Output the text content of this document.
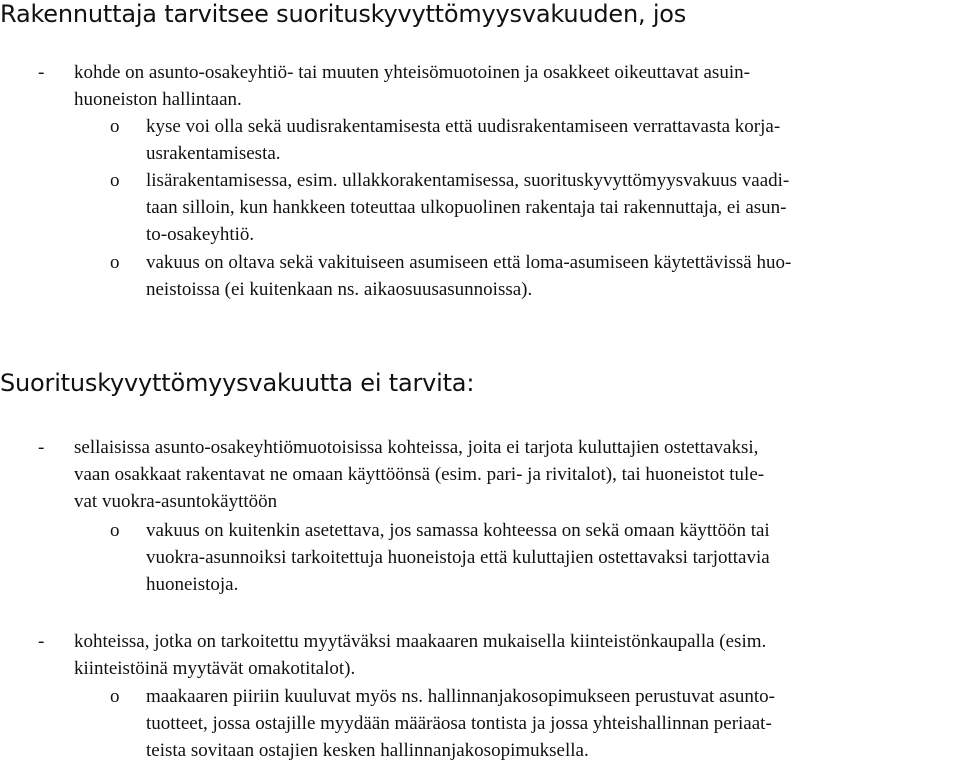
Rakennuttaja tarvitsee suorituskyvyttömyysvakuuden, jos
- kohde on asunto-osakeyhtiö- tai muuten yhteisömuotoinen ja osakkeet oikeuttavat asuin-
huoneiston hallintaan.
o kyse voi olla sekä uudisrakentamisesta että uudisrakentamiseen verrattavasta korja-
usrakentamisesta.
o lisärakentamisessa, esim. ullakkorakentamisessa, suorituskyvyttömyysvakuus vaadi-
taan silloin, kun hankkeen toteuttaa ulkopuolinen rakentaja tai rakennuttaja, ei asun-
to-osakeyhtiö.
o vakuus on oltava sekä vakituiseen asumiseen että loma-asumiseen käytettävissä huo-
neistoissa (ei kuitenkaan ns. aikaosuusasunnoissa).
Suorituskyvyttömyysvakuutta ei tarvita:
- sellaisissa asunto-osakeyhtiömuotoisissa kohteissa, joita ei tarjota kuluttajien ostettavaksi,
vaan osakkaat rakentavat ne omaan käyttöönsä (esim. pari- ja rivitalot), tai huoneistot tule-
vat vuokra-asuntokäyttöön
o vakuus on kuitenkin asetettava, jos samassa kohteessa on sekä omaan käyttöön tai
vuokra-asunnoiksi tarkoitettuja huoneistoja että kuluttajien ostettavaksi tarjottavia
huoneistoja.
- kohteissa, jotka on tarkoitettu myytäväksi maakaaren mukaisella kiinteistönkaupalla (esim.
kiinteistöinä myytävät omakotitalot).
o maakaaren piiriin kuuluvat myös ns. hallinnanjakosopimukseen perustuvat asunto-
tuotteet, jossa ostajille myydään määräosa tontista ja jossa yhteishallinnan periaat-
teista sovitaan ostajien kesken hallinnanjakosopimuksella.
